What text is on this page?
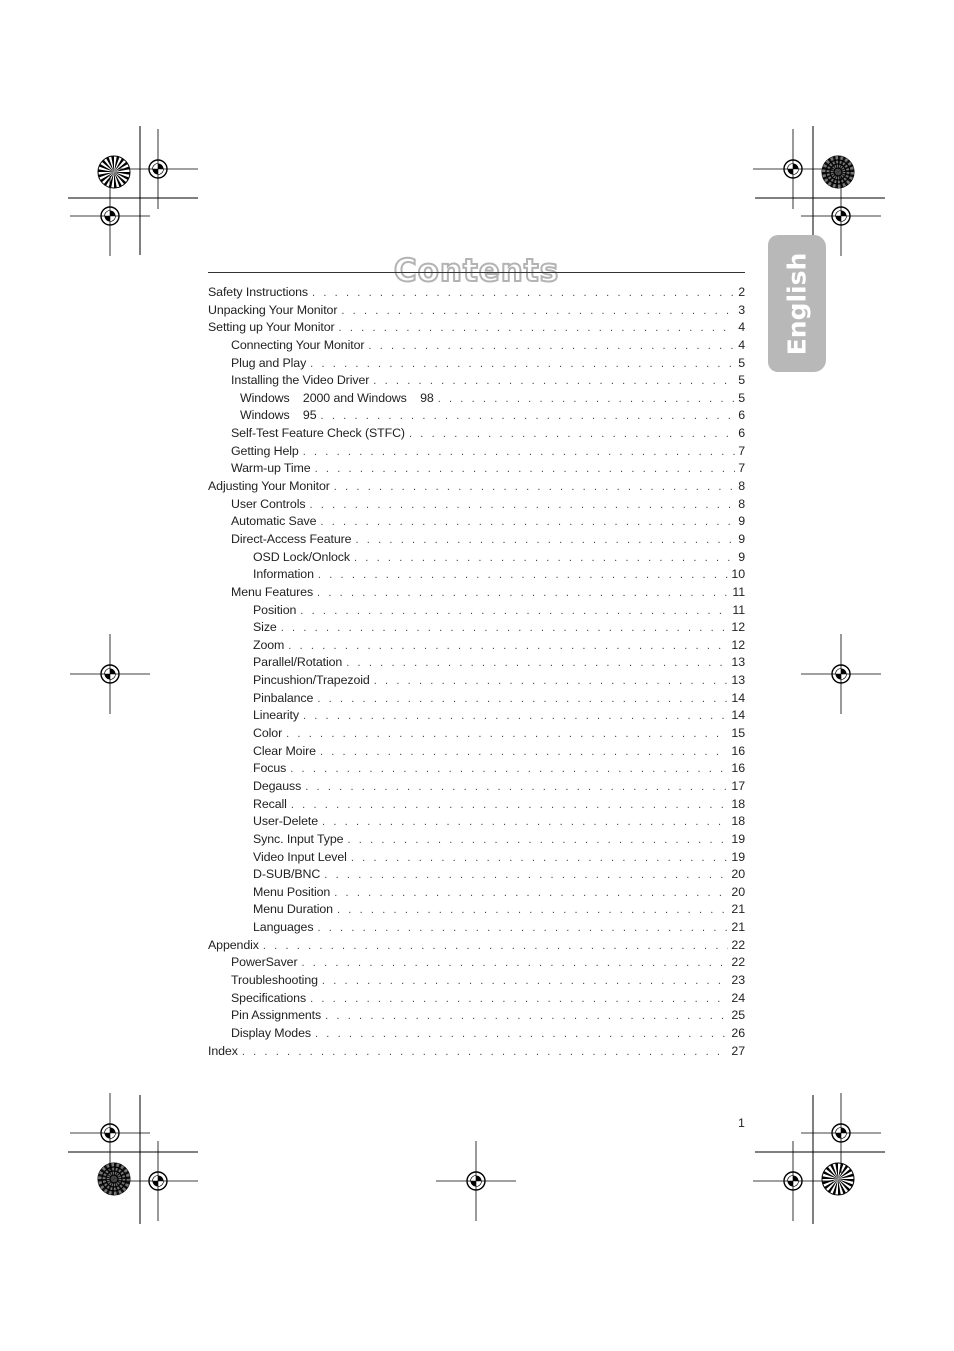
Contents	English
Safety Instructions . . .	2
Unpacking Your Monitor . . .	3
Setting up Your Monitor . . .	4
Connecting Your Monitor . . .	4
Plug and Play . . .	5
Installing the Video Driver . . .	5
Windows    2000 and Windows    98 . . .	5
Windows    95 . . .	6
Self-Test Feature Check (STFC) . . .	6
Getting Help . . .	7
Warm-up Time . . .	7
Adjusting Your Monitor . . .	8
User Controls . . .	8
Automatic Save . . .	9
Direct-Access Feature . . .	9
OSD Lock/Onlock . . .	9
Information . . .	10
Menu Features . . .	11
Position . . .	11
Size . . .	12
Zoom . . .	12
Parallel/Rotation . . .	13
Pincushion/Trapezoid . . .	13
Pinbalance . . .	14
Linearity . . .	14
Color . . .	15
Clear Moire . . .	16
Focus . . .	16
Degauss . . .	17
Recall . . .	18
User-Delete . . .	18
Sync. Input Type . . .	19
Video Input Level . . .	19
D-SUB/BNC . . .	20
Menu Position . . .	20
Menu Duration . . .	21
Languages . . .	21
Appendix . . .	22
PowerSaver . . .	22
Troubleshooting . . .	23
Specifications . . .	24
Pin Assignments . . .	25
Display Modes . . .	26
Index . . .	27
1
